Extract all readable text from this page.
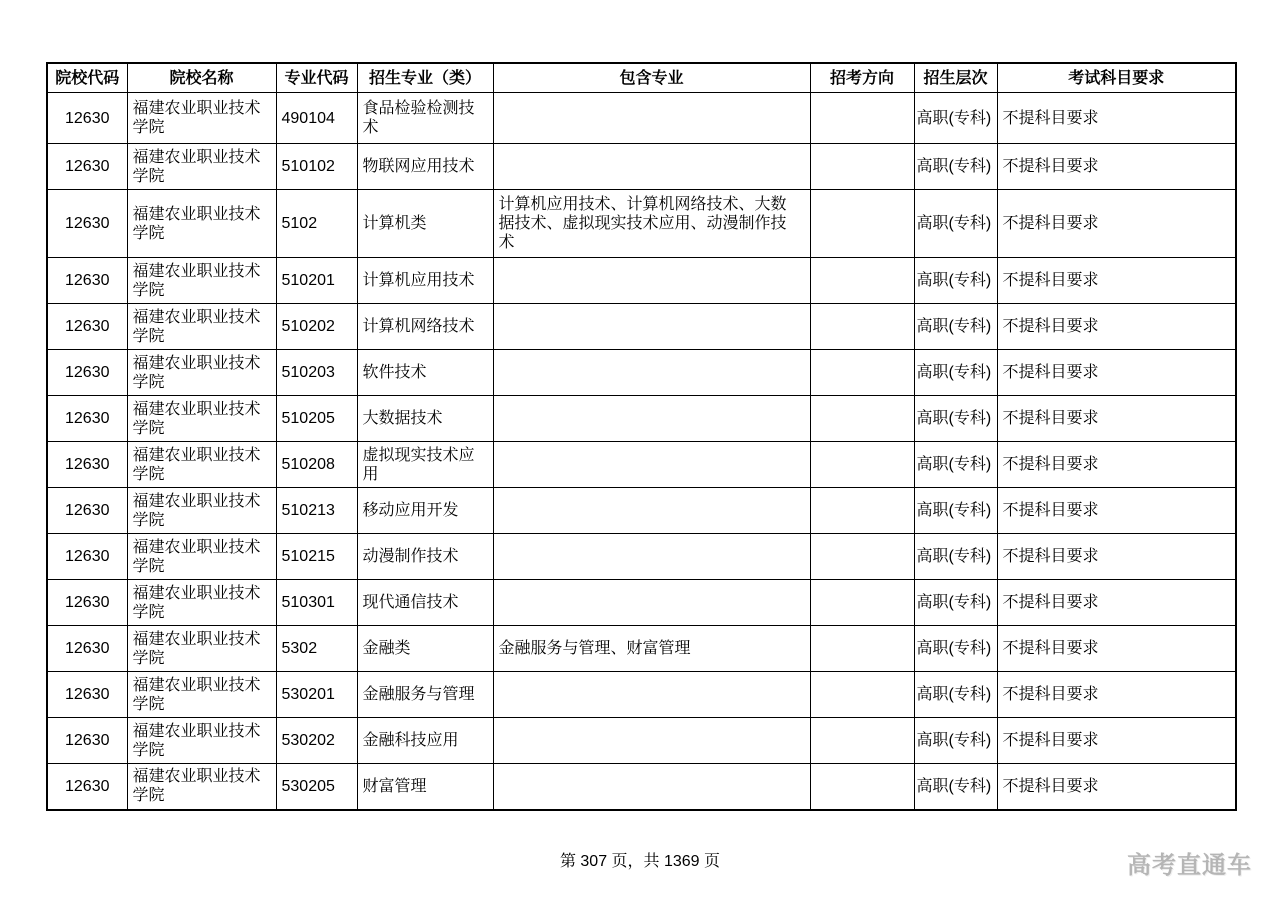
院校代码	院校名称	专业代码	招生专业（类）	包含专业	招考方向	招生层次	考试科目要求
12630	福建农业职业技术学院	490104	食品检验检测技术			高职(专科)	不提科目要求
12630	福建农业职业技术学院	510102	物联网应用技术			高职(专科)	不提科目要求
12630	福建农业职业技术学院	5102	计算机类	计算机应用技术、计算机网络技术、大数据技术、虚拟现实技术应用、动漫制作技术		高职(专科)	不提科目要求
12630	福建农业职业技术学院	510201	计算机应用技术			高职(专科)	不提科目要求
12630	福建农业职业技术学院	510202	计算机网络技术			高职(专科)	不提科目要求
12630	福建农业职业技术学院	510203	软件技术			高职(专科)	不提科目要求
12630	福建农业职业技术学院	510205	大数据技术			高职(专科)	不提科目要求
12630	福建农业职业技术学院	510208	虚拟现实技术应用			高职(专科)	不提科目要求
12630	福建农业职业技术学院	510213	移动应用开发			高职(专科)	不提科目要求
12630	福建农业职业技术学院	510215	动漫制作技术			高职(专科)	不提科目要求
12630	福建农业职业技术学院	510301	现代通信技术			高职(专科)	不提科目要求
12630	福建农业职业技术学院	5302	金融类	金融服务与管理、财富管理		高职(专科)	不提科目要求
12630	福建农业职业技术学院	530201	金融服务与管理			高职(专科)	不提科目要求
12630	福建农业职业技术学院	530202	金融科技应用			高职(专科)	不提科目要求
12630	福建农业职业技术学院	530205	财富管理			高职(专科)	不提科目要求
第 307 页，共 1369 页	高考直通车
